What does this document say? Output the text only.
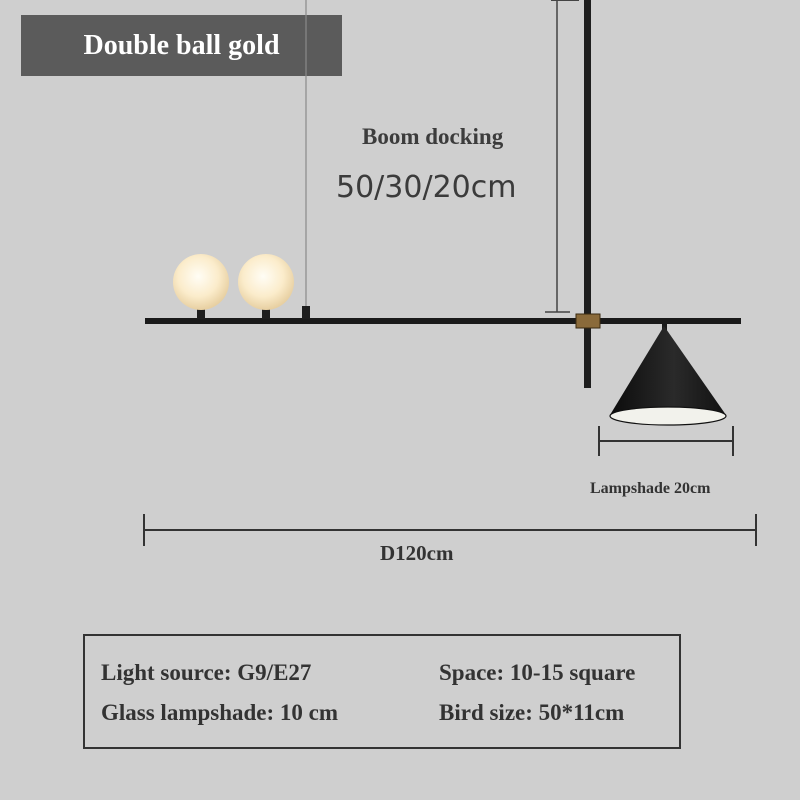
Double ball gold
Boom docking
50/30/20cm
Lampshade 20cm
D120cm
Light source: G9/E27
Glass lampshade: 10 cm
Space: 10-15 square
Bird size: 50*11cm
